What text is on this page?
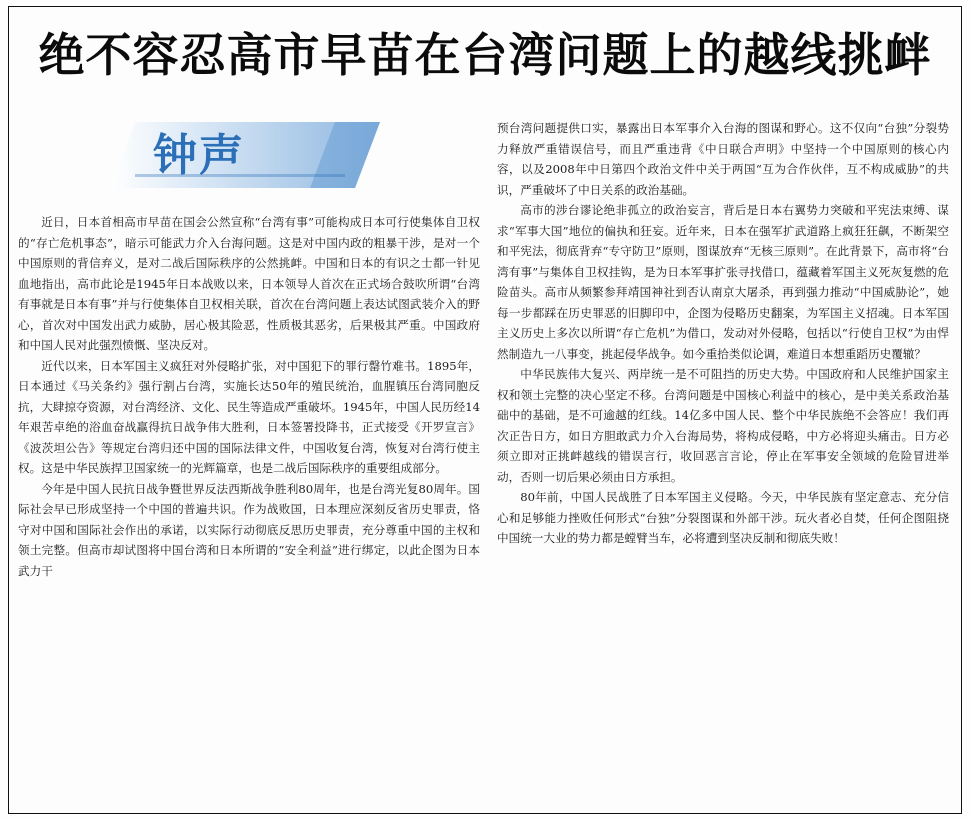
绝不容忍高市早苗在台湾问题上的越线挑衅
钟声

近日，日本首相高市早苗在国会公然宣称“台湾有事”可能构成日本可行使集体自卫权的“存亡危机事态”，暗示可能武力介入台海问题。这是对中国内政的粗暴干涉，是对一个中国原则的背信弃义，是对二战后国际秩序的公然挑衅。中国和日本的有识之士都一针见血地指出，高市此论是1945年日本战败以来，日本领导人首次在正式场合鼓吹所谓“台湾有事就是日本有事”并与行使集体自卫权相关联，首次在台湾问题上表达试图武装介入的野心，首次对中国发出武力威胁，居心极其险恶，性质极其恶劣，后果极其严重。中国政府和中国人民对此强烈愤慨、坚决反对。

近代以来，日本军国主义疯狂对外侵略扩张，对中国犯下的罪行罄竹难书。1895年，日本通过《马关条约》强行割占台湾，实施长达50年的殖民统治，血腥镇压台湾同胞反抗，大肆掠夺资源，对台湾经济、文化、民生等造成严重破坏。1945年，中国人民历经14年艰苦卓绝的浴血奋战赢得抗日战争伟大胜利，日本签署投降书，正式接受《开罗宣言》《波茨坦公告》等规定台湾归还中国的国际法律文件，中国收复台湾，恢复对台湾行使主权。这是中华民族捍卫国家统一的光辉篇章，也是二战后国际秩序的重要组成部分。

今年是中国人民抗日战争暨世界反法西斯战争胜利80周年，也是台湾光复80周年。国际社会早已形成坚持一个中国的普遍共识。作为战败国，日本理应深刻反省历史罪责，恪守对中国和国际社会作出的承诺，以实际行动彻底反思历史罪责，充分尊重中国的主权和领土完整。但高市却试图将中国台湾和日本所谓的“安全利益”进行绑定，以此企图为日本武力干

预台湾问题提供口实，暴露出日本军事介入台海的图谋和野心。这不仅向“台独”分裂势力释放严重错误信号，而且严重违背《中日联合声明》中坚持一个中国原则的核心内容，以及2008年中日第四个政治文件中关于两国“互为合作伙伴，互不构成威胁”的共识，严重破坏了中日关系的政治基础。

高市的涉台谬论绝非孤立的政治妄言，背后是日本右翼势力突破和平宪法束缚、谋求“军事大国”地位的偏执和狂妄。近年来，日本在强军扩武道路上疯狂狂飙，不断架空和平宪法，彻底背弃“专守防卫”原则，图谋放弃“无核三原则”。在此背景下，高市将“台湾有事”与集体自卫权挂钩，是为日本军事扩张寻找借口，蕴藏着军国主义死灰复燃的危险苗头。高市从频繁参拜靖国神社到否认南京大屠杀，再到强力推动“中国威胁论”，她每一步都踩在历史罪恶的旧脚印中，企图为侵略历史翻案，为军国主义招魂。日本军国主义历史上多次以所谓“存亡危机”为借口，发动对外侵略，包括以“行使自卫权”为由悍然制造九一八事变，挑起侵华战争。如今重拾类似论调，难道日本想重蹈历史覆辙？

中华民族伟大复兴、两岸统一是不可阻挡的历史大势。中国政府和人民维护国家主权和领土完整的决心坚定不移。台湾问题是中国核心利益中的核心，是中美关系政治基础中的基础，是不可逾越的红线。14亿多中国人民、整个中华民族绝不会答应！我们再次正告日方，如日方胆敢武力介入台海局势，将构成侵略，中方必将迎头痛击。日方必须立即对正挑衅越线的错误言行，收回恶言言论，停止在军事安全领域的危险冒进举动，否则一切后果必须由日方承担。

80年前，中国人民战胜了日本军国主义侵略。今天，中华民族有坚定意志、充分信心和足够能力挫败任何形式“台独”分裂图谋和外部干涉。玩火者必自焚，任何企图阻挠中国统一大业的势力都是螳臂当车，必将遭到坚决反制和彻底失败！
